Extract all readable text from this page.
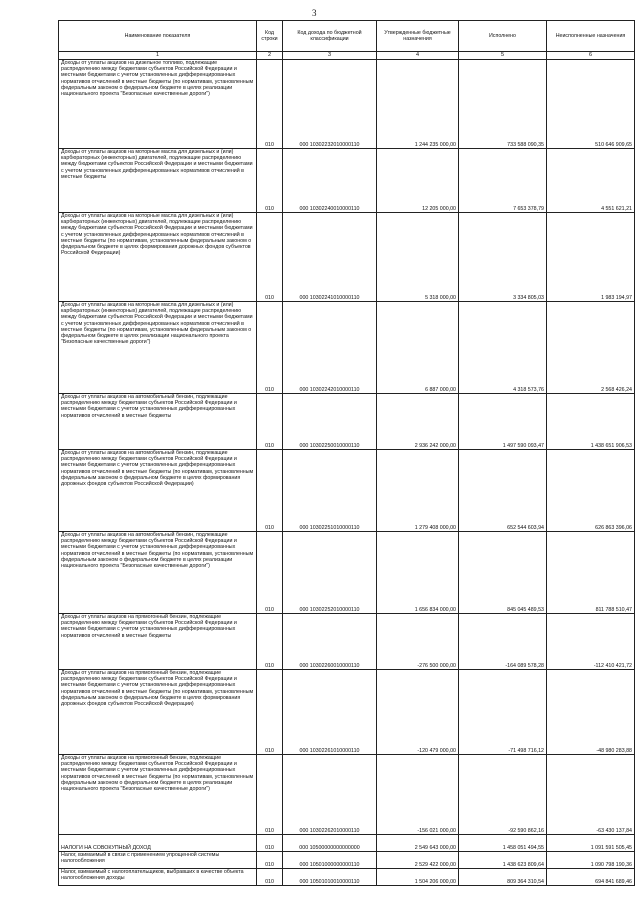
3
Наименование показателя	Код строки	Код дохода по бюджетной классификации	Утвержденные бюджетные назначения	Исполнено	Неисполненные назначения
1	2	3	4	5	6
Доходы от уплаты акцизов на дизельное топливо, подлежащие распределению между бюджетами субъектов Российской Федерации и местными бюджетами с учетом установленных дифференцированных нормативов отчислений в местные бюджеты (по нормативам, установленным федеральным законом о федеральном бюджете в целях реализации национального проекта "Безопасные качественные дороги")	010	000 10302232010000110	1 244 235 000,00	733 588 090,35	510 646 909,65
Доходы от уплаты акцизов на моторные масла для дизельных и (или) карбюраторных (инжекторных) двигателей, подлежащие распределению между бюджетами субъектов Российской Федерации и местными бюджетами с учетом установленных дифференцированных нормативов отчислений в местные бюджеты	010	000 10302240010000110	12 205 000,00	7 653 378,79	4 551 621,21
Доходы от уплаты акцизов на моторные масла для дизельных и (или) карбюраторных (инжекторных) двигателей, подлежащие распределению между бюджетами субъектов Российской Федерации и местными бюджетами с учетом установленных дифференцированных нормативов отчислений в местные бюджеты (по нормативам, установленным федеральным законом о федеральном бюджете в целях формирования дорожных фондов субъектов Российской Федерации)	010	000 10302241010000110	5 318 000,00	3 334 805,03	1 983 194,97
Доходы от уплаты акцизов на моторные масла для дизельных и (или) карбюраторных (инжекторных) двигателей, подлежащие распределению между бюджетами субъектов Российской Федерации и местными бюджетами с учетом установленных дифференцированных нормативов отчислений в местные бюджеты (по нормативам, установленным федеральным законом о федеральном бюджете в целях реализации национального проекта "Безопасные качественные дороги")	010	000 10302242010000110	6 887 000,00	4 318 573,76	2 568 426,24
Доходы от уплаты акцизов на автомобильный бензин, подлежащие распределению между бюджетами субъектов Российской Федерации и местными бюджетами с учетом установленных дифференцированных нормативов отчислений в местные бюджеты	010	000 10302250010000110	2 936 242 000,00	1 497 590 093,47	1 438 651 906,53
Доходы от уплаты акцизов на автомобильный бензин, подлежащие распределению между бюджетами субъектов Российской Федерации и местными бюджетами с учетом установленных дифференцированных нормативов отчислений в местные бюджеты (по нормативам, установленным федеральным законом о федеральном бюджете в целях формирования дорожных фондов субъектов Российской Федерации)	010	000 10302251010000110	1 279 408 000,00	652 544 603,94	626 863 396,06
Доходы от уплаты акцизов на автомобильный бензин, подлежащие распределению между бюджетами субъектов Российской Федерации и местными бюджетами с учетом установленных дифференцированных нормативов отчислений в местные бюджеты (по нормативам, установленным федеральным законом о федеральном бюджете в целях реализации национального проекта "Безопасные качественные дороги")	010	000 10302252010000110	1 656 834 000,00	845 045 489,53	811 788 510,47
Доходы от уплаты акцизов на прямогонный бензин, подлежащие распределению между бюджетами субъектов Российской Федерации и местными бюджетами с учетом установленных дифференцированных нормативов отчислений в местные бюджеты	010	000 10302260010000110	-276 500 000,00	-164 089 578,28	-112 410 421,72
Доходы от уплаты акцизов на прямогонный бензин, подлежащие распределению между бюджетами субъектов Российской Федерации и местными бюджетами с учетом установленных дифференцированных нормативов отчислений в местные бюджеты (по нормативам, установленным федеральным законом о федеральном бюджете в целях формирования дорожных фондов субъектов Российской Федерации)	010	000 10302261010000110	-120 479 000,00	-71 498 716,12	-48 980 283,88
Доходы от уплаты акцизов на прямогонный бензин, подлежащие распределению между бюджетами субъектов Российской Федерации и местными бюджетами с учетом установленных дифференцированных нормативов отчислений в местные бюджеты (по нормативам, установленным федеральным законом о федеральном бюджете в целях реализации национального проекта "Безопасные качественные дороги")	010	000 10302262010000110	-156 021 000,00	-92 590 862,16	-63 430 137,84
НАЛОГИ НА СОВОКУПНЫЙ ДОХОД	010	000 10500000000000000	2 549 643 000,00	1 458 051 494,55	1 091 591 505,45
Налог, взимаемый в связи с применением упрощенной системы налогообложения	010	000 10501000000000110	2 529 422 000,00	1 438 623 809,64	1 090 798 190,36
Налог, взимаемый с налогоплательщиков, выбравших в качестве объекта налогообложения доходы	010	000 10501010010000110	1 504 206 000,00	809 364 310,54	694 841 689,46
